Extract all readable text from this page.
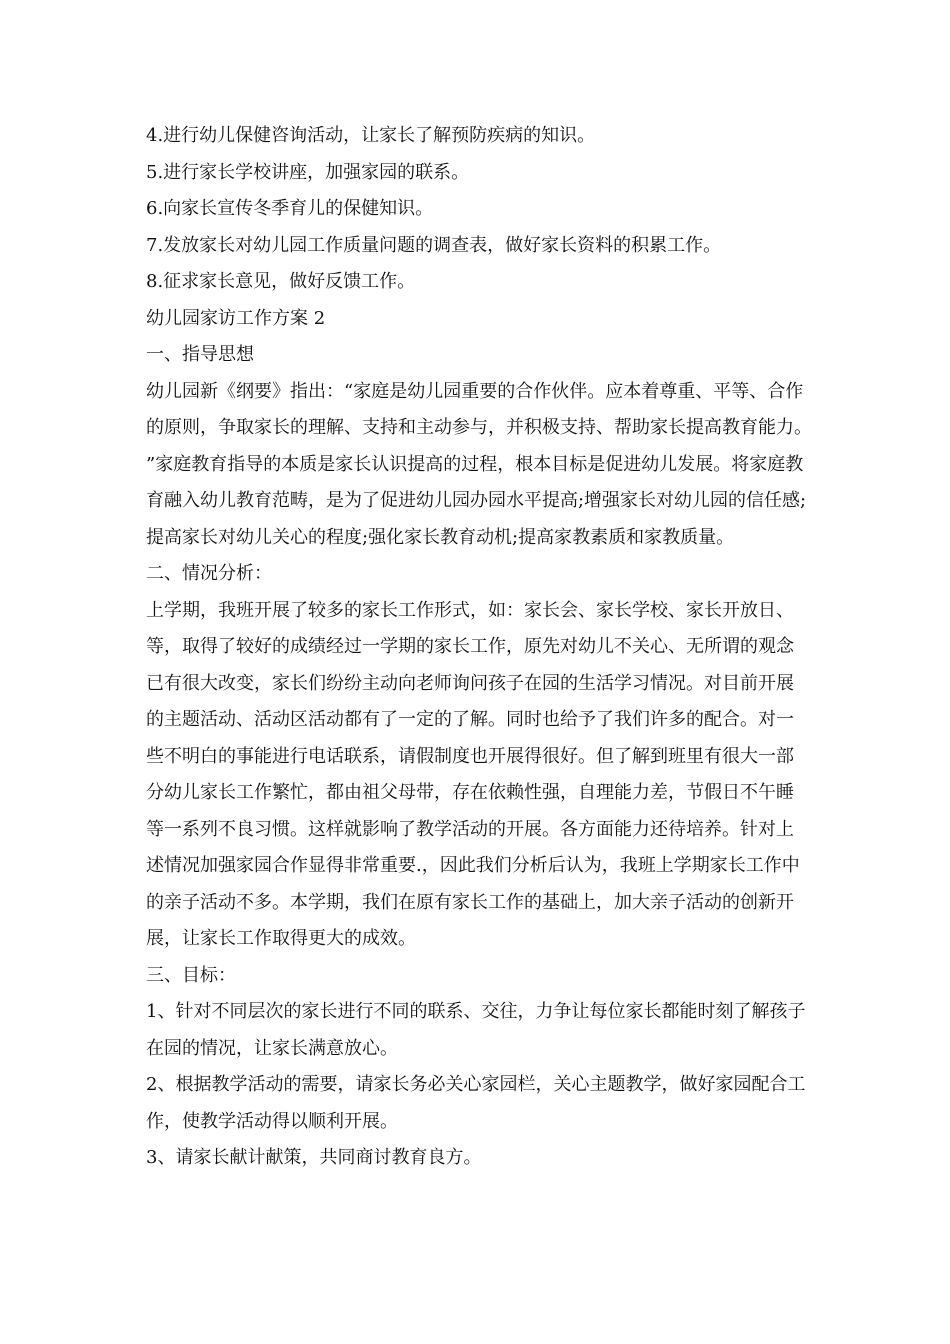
4.进行幼儿保健咨询活动，让家长了解预防疾病的知识。

5.进行家长学校讲座，加强家园的联系。

6.向家长宣传冬季育儿的保健知识。

7.发放家长对幼儿园工作质量问题的调查表，做好家长资料的积累工作。

8.征求家长意见，做好反馈工作。

幼儿园家访工作方案 2

一、指导思想

幼儿园新《纲要》指出：“家庭是幼儿园重要的合作伙伴。应本着尊重、平等、合作的原则，争取家长的理解、支持和主动参与，并积极支持、帮助家长提高教育能力。”家庭教育指导的本质是家长认识提高的过程，根本目标是促进幼儿发展。将家庭教育融入幼儿教育范畴，是为了促进幼儿园办园水平提高;增强家长对幼儿园的信任感;提高家长对幼儿关心的程度;强化家长教育动机;提高家教素质和家教质量。

二、情况分析：

上学期，我班开展了较多的家长工作形式，如：家长会、家长学校、家长开放日、等，取得了较好的成绩经过一学期的家长工作，原先对幼儿不关心、无所谓的观念已有很大改变，家长们纷纷主动向老师询问孩子在园的生活学习情况。对目前开展的主题活动、活动区活动都有了一定的了解。同时也给予了我们许多的配合。对一些不明白的事能进行电话联系，请假制度也开展得很好。但了解到班里有很大一部分幼儿家长工作繁忙，都由祖父母带，存在依赖性强，自理能力差，节假日不午睡等一系列不良习惯。这样就影响了教学活动的开展。各方面能力还待培养。针对上述情况加强家园合作显得非常重要.，因此我们分析后认为，我班上学期家长工作中的亲子活动不多。本学期，我们在原有家长工作的基础上，加大亲子活动的创新开展，让家长工作取得更大的成效。

三、目标：

1、针对不同层次的家长进行不同的联系、交往，力争让每位家长都能时刻了解孩子在园的情况，让家长满意放心。

2、根据教学活动的需要，请家长务必关心家园栏，关心主题教学，做好家园配合工作，使教学活动得以顺利开展。

3、请家长献计献策，共同商讨教育良方。
